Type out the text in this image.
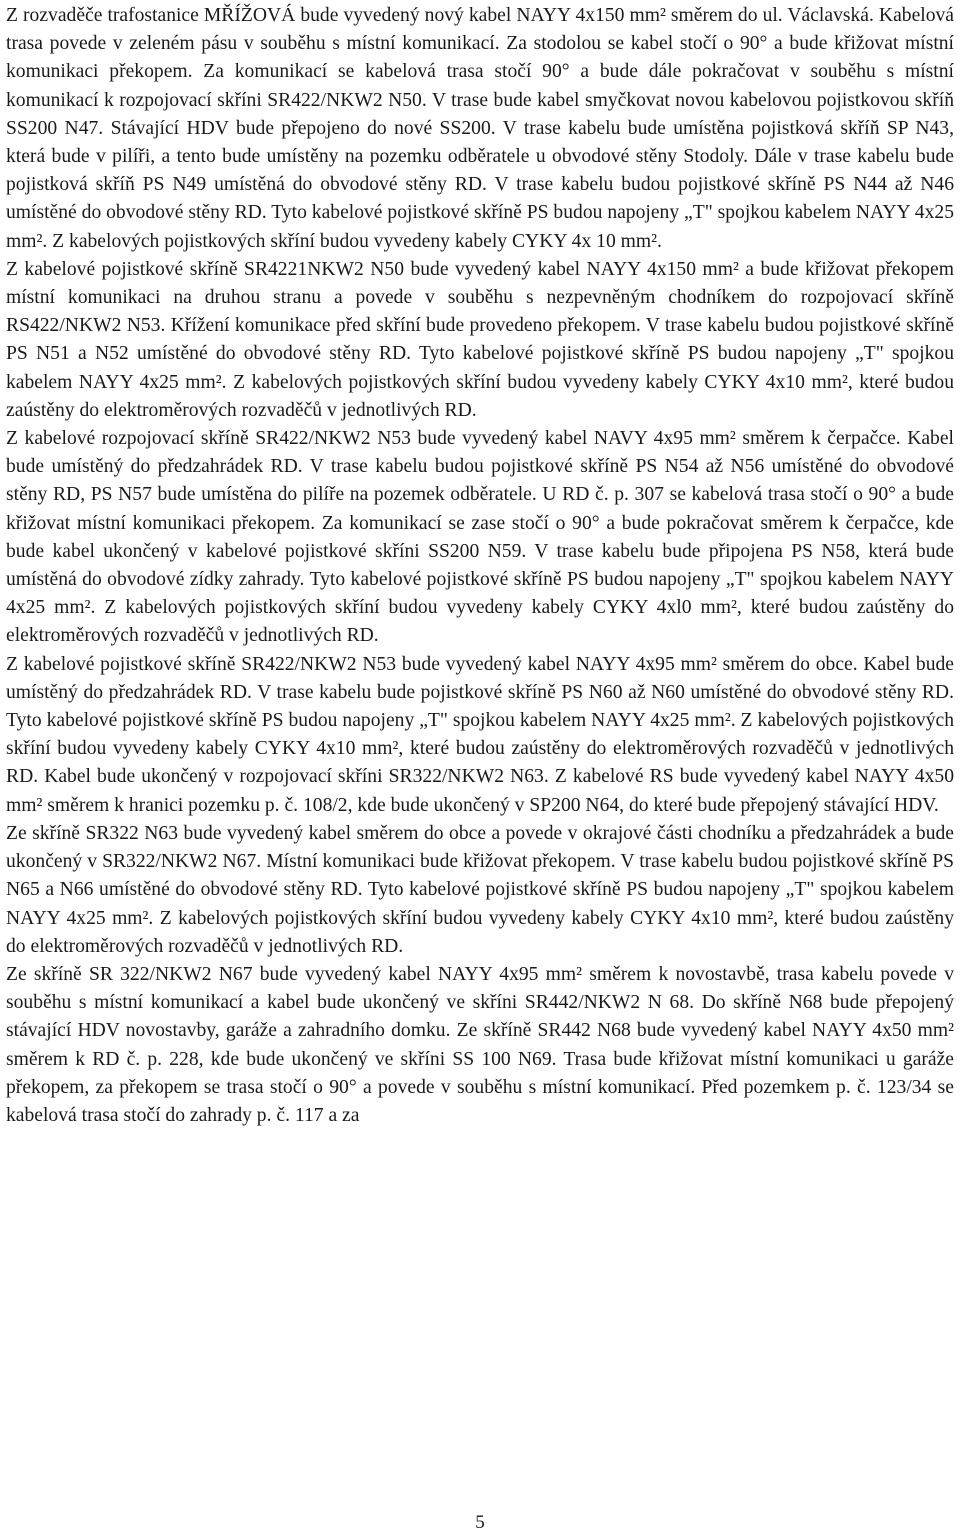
Z rozvaděče trafostanice MŘÍŽOVÁ bude vyvedený nový kabel NAYY 4x150 mm² směrem do ul. Václavská. Kabelová trasa povede v zeleném pásu v souběhu s místní komunikací. Za stodolou se kabel stočí o 90° a bude křižovat místní komunikaci překopem. Za komunikací se kabelová trasa stočí 90° a bude dále pokračovat v souběhu s místní komunikací k rozpojovací skříni SR422/NKW2 N50. V trase bude kabel smyčkovat novou kabelovou pojistkovou skříň SS200 N47. Stávající HDV bude přepojeno do nové SS200. V trase kabelu bude umístěna pojistková skříň SP N43, která bude v pilíři, a tento bude umístěny na pozemku odběratele u obvodové stěny Stodoly. Dále v trase kabelu bude pojistková skříň PS N49 umístěná do obvodové stěny RD. V trase kabelu budou pojistkové skříně PS N44 až N46 umístěné do obvodové stěny RD. Tyto kabelové pojistkové skříně PS budou napojeny „T" spojkou kabelem NAYY 4x25 mm². Z kabelových pojistkových skříní budou vyvedeny kabely CYKY 4x 10 mm².

Z kabelové pojistkové skříně SR4221NKW2 N50 bude vyvedený kabel NAYY 4x150 mm² a bude křižovat překopem místní komunikaci na druhou stranu a povede v souběhu s nezpevněným chodníkem do rozpojovací skříně RS422/NKW2 N53. Křížení komunikace před skříní bude provedeno překopem. V trase kabelu budou pojistkové skříně PS N51 a N52 umístěné do obvodové stěny RD. Tyto kabelové pojistkové skříně PS budou napojeny „T" spojkou kabelem NAYY 4x25 mm². Z kabelových pojistkových skříní budou vyvedeny kabely CYKY 4x10 mm², které budou zaústěny do elektroměrových rozvaděčů v jednotlivých RD.

Z kabelové rozpojovací skříně SR422/NKW2 N53 bude vyvedený kabel NAVY 4x95 mm² směrem k čerpačce. Kabel bude umístěný do předzahrádek RD. V trase kabelu budou pojistkové skříně PS N54 až N56 umístěné do obvodové stěny RD, PS N57 bude umístěna do pilíře na pozemek odběratele. U RD č. p. 307 se kabelová trasa stočí o 90° a bude křižovat místní komunikaci překopem. Za komunikací se zase stočí o 90° a bude pokračovat směrem k čerpačce, kde bude kabel ukončený v kabelové pojistkové skříni SS200 N59. V trase kabelu bude připojena PS N58, která bude umístěná do obvodové zídky zahrady. Tyto kabelové pojistkové skříně PS budou napojeny „T" spojkou kabelem NAYY 4x25 mm². Z kabelových pojistkových skříní budou vyvedeny kabely CYKY 4xl0 mm², které budou zaústěny do elektroměrových rozvaděčů v jednotlivých RD.

Z kabelové pojistkové skříně SR422/NKW2 N53 bude vyvedený kabel NAYY 4x95 mm² směrem do obce. Kabel bude umístěný do předzahrádek RD. V trase kabelu bude pojistkové skříně PS N60 až N60 umístěné do obvodové stěny RD. Tyto kabelové pojistkové skříně PS budou napojeny „T" spojkou kabelem NAYY 4x25 mm². Z kabelových pojistkových skříní budou vyvedeny kabely CYKY 4x10 mm², které budou zaústěny do elektroměrových rozvaděčů v jednotlivých RD. Kabel bude ukončený v rozpojovací skříni SR322/NKW2 N63. Z kabelové RS bude vyvedený kabel NAYY 4x50 mm² směrem k hranici pozemku p. č. 108/2, kde bude ukončený v SP200 N64, do které bude přepojený stávající HDV.

Ze skříně SR322 N63 bude vyvedený kabel směrem do obce a povede v okrajové části chodníku a předzahrádek a bude ukončený v SR322/NKW2 N67. Místní komunikaci bude křižovat překopem. V trase kabelu budou pojistkové skříně PS N65 a N66 umístěné do obvodové stěny RD. Tyto kabelové pojistkové skříně PS budou napojeny „T" spojkou kabelem NAYY 4x25 mm². Z kabelových pojistkových skříní budou vyvedeny kabely CYKY 4x10 mm², které budou zaústěny do elektroměrových rozvaděčů v jednotlivých RD.

Ze skříně SR 322/NKW2 N67 bude vyvedený kabel NAYY 4x95 mm² směrem k novostavbě, trasa kabelu povede v souběhu s místní komunikací a kabel bude ukončený ve skříni SR442/NKW2 N 68. Do skříně N68 bude přepojený stávající HDV novostavby, garáže a zahradního domku. Ze skříně SR442 N68 bude vyvedený kabel NAYY 4x50 mm² směrem k RD č. p. 228, kde bude ukončený ve skříni SS 100 N69. Trasa bude křižovat místní komunikaci u garáže překopem, za překopem se trasa stočí o 90° a povede v souběhu s místní komunikací. Před pozemkem p. č. 123/34 se kabelová trasa stočí do zahrady p. č. 117 a za

5
